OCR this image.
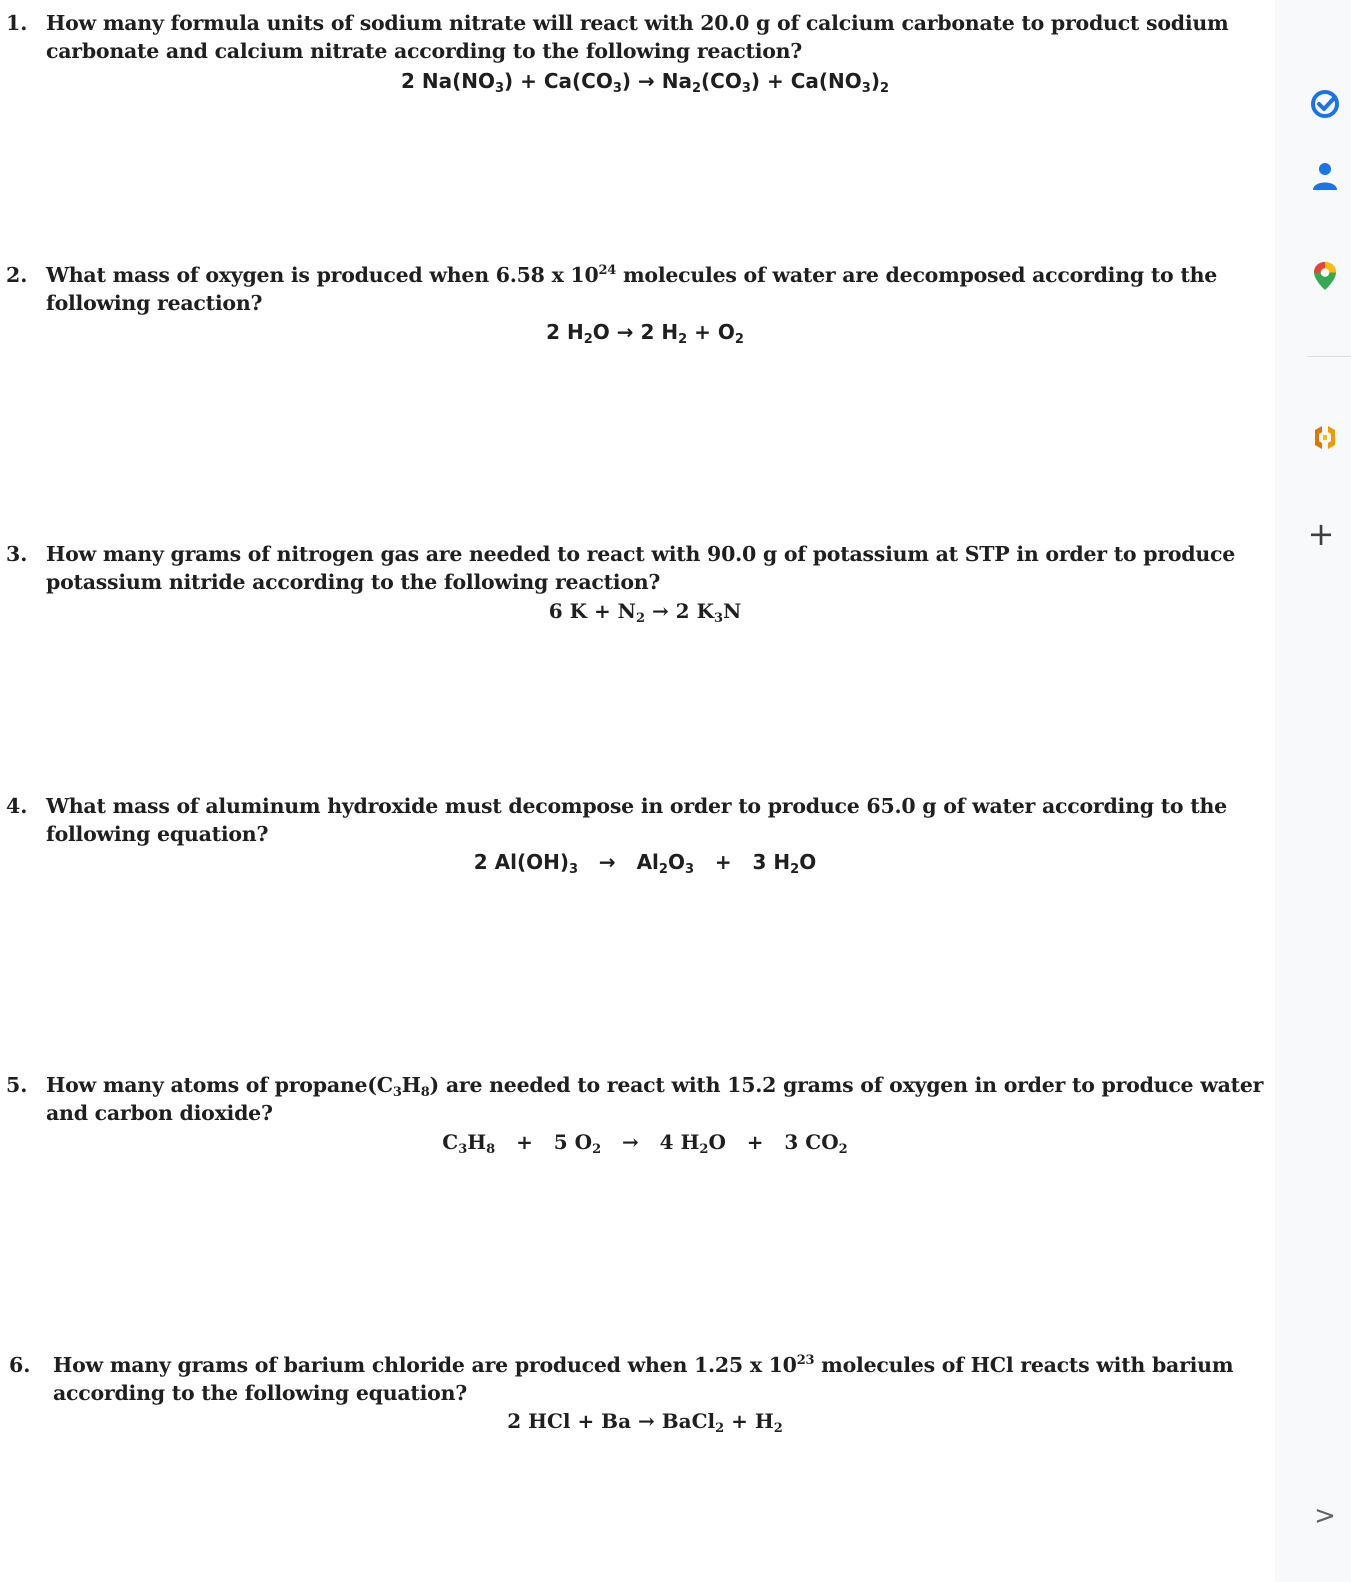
1. How many formula units of sodium nitrate will react with 20.0 g of calcium carbonate to product sodium carbonate and calcium nitrate according to the following reaction?
2 $Na(NO_3) + Ca(CO_3) \to Na_2(CO_3) + Ca(NO_3)_2$
2. What mass of oxygen is produced when 6.58 x $10^{24}$ molecules of water are decomposed according to the following reaction?
2 $H_2O \to 2$ $H_2 + O_2$
3. How many grams of nitrogen gas are needed to react with 90.0 g of potassium at STP in order to produce potassium nitride according to the following reaction?
6 $K + N_2 \to 2$ $K_3N$
4. What mass of aluminum hydroxide must decompose in order to produce 65.0 g of water according to the following equation?
2 $Al(OH)_3 \to Al_2O_3 + 3$ $H_2O$
5. How many atoms of $propane(C_3H_8)$ are needed to react with 15.2 grams of oxygen in order to produce water and carbon dioxide?
$C_3H_8 + 5$ $O_2 \to 4$ $H_2O + 3$ $CO_2$
6. How many grams of barium chloride are produced when 1.25 x $10^{23}$ molecules of HCl reacts with barium according to the following equation?
2 HCl + Ba → BaCl$_2$ + $H_2$
+
>
